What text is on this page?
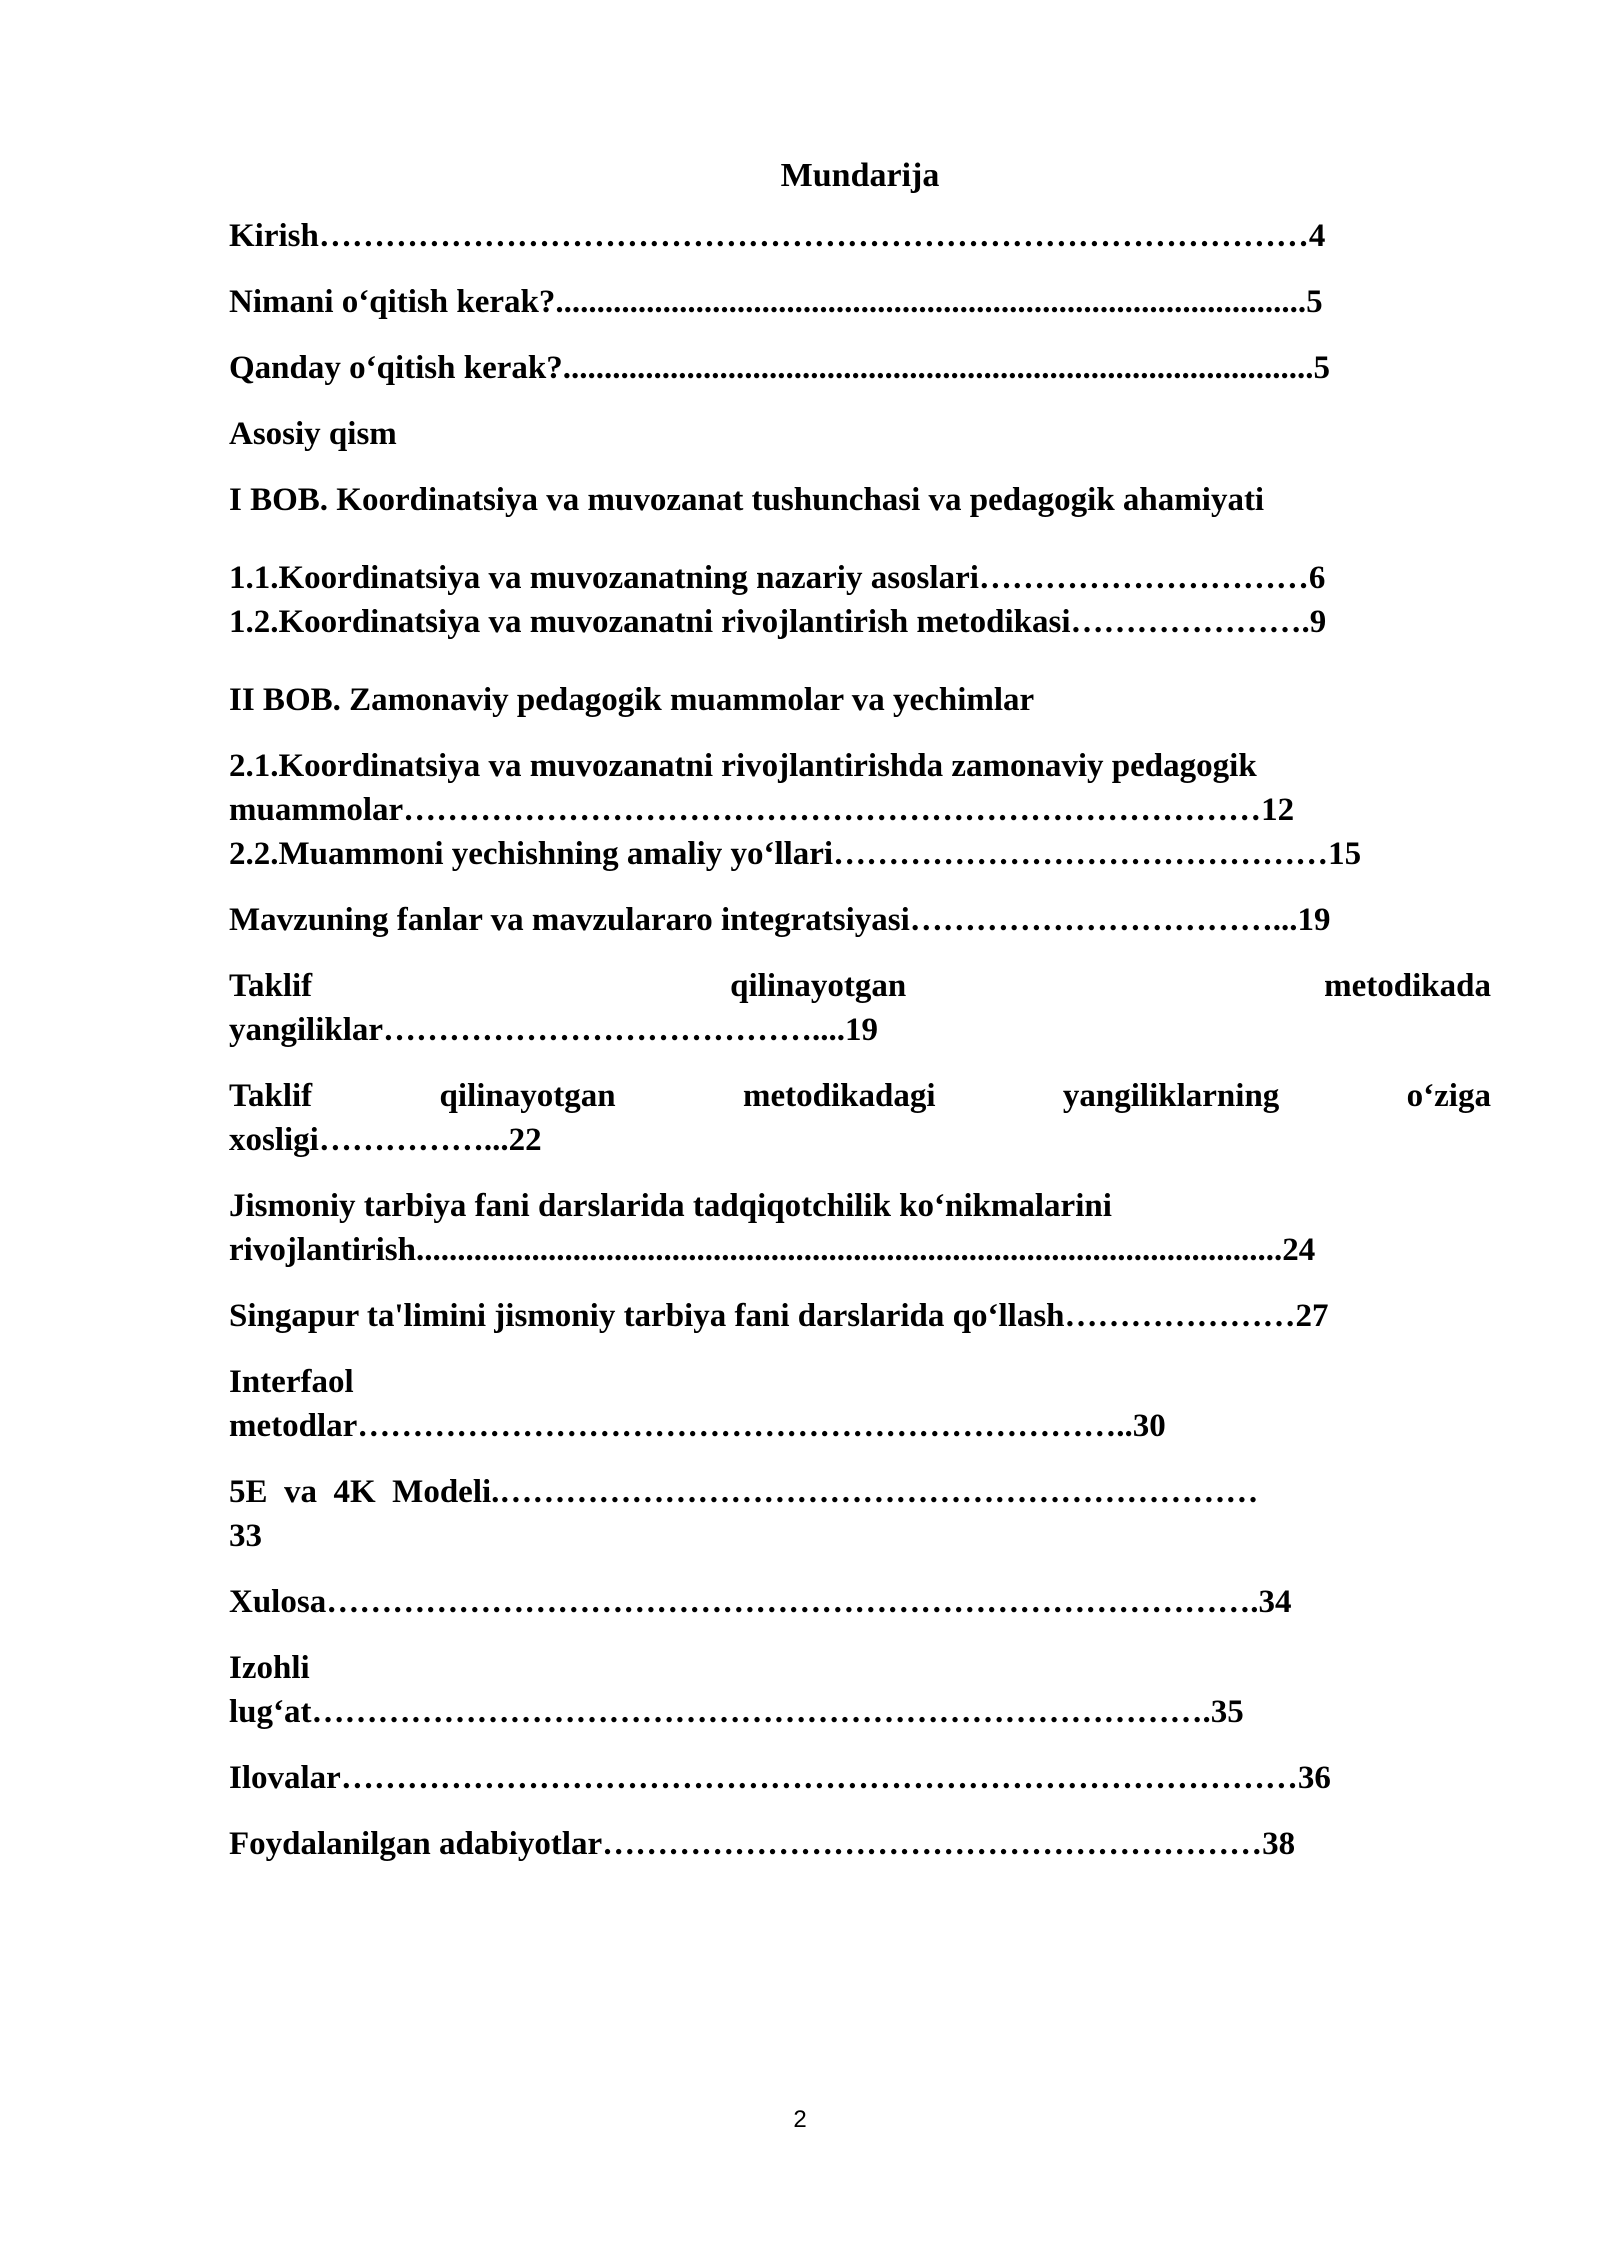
Mundarija
Kirish………………………………………………………………………………4
Nimani o‘qitish kerak?...........................................................................................5
Qanday o‘qitish kerak?...........................................................................................5
Asosiy qism
I BOB. Koordinatsiya va muvozanat tushunchasi va pedagogik ahamiyati
1.1.Koordinatsiya va muvozanatning nazariy asoslari…………………………6
1.2.Koordinatsiya va muvozanatni rivojlantirish metodikasi………………….9
II BOB. Zamonaviy pedagogik muammolar va yechimlar
2.1.Koordinatsiya va muvozanatni rivojlantirishda zamonaviy pedagogik
muammolar……………………………………………………………………12
2.2.Muammoni yechishning amaliy yo‘llari………………………………………15
Mavzuning fanlar va mavzulararo integratsiyasi……………………………...19
Taklif	qilinayotgan	metodikada
yangiliklar…………………………………....19
Taklif	qilinayotgan	metodikadagi	yangiliklarning	o‘ziga
xosligi……………...22
Jismoniy tarbiya fani darslarida tadqiqotchilik ko‘nikmalarini
rivojlantirish.........................................................................................................24
Singapur ta'limini jismoniy tarbiya fani darslarida qo‘llash…………………27
Interfaol
metodlar……………………………………………………………..30
5E  va  4K  Modeli.……………………………………………………………
33
Xulosa………………………………………………………………………….34
Izohli
lug‘at……………………………………………………………………….35
Ilovalar……………………………………………………………………………36
Foydalanilgan adabiyotlar……………………………………………………38
2
